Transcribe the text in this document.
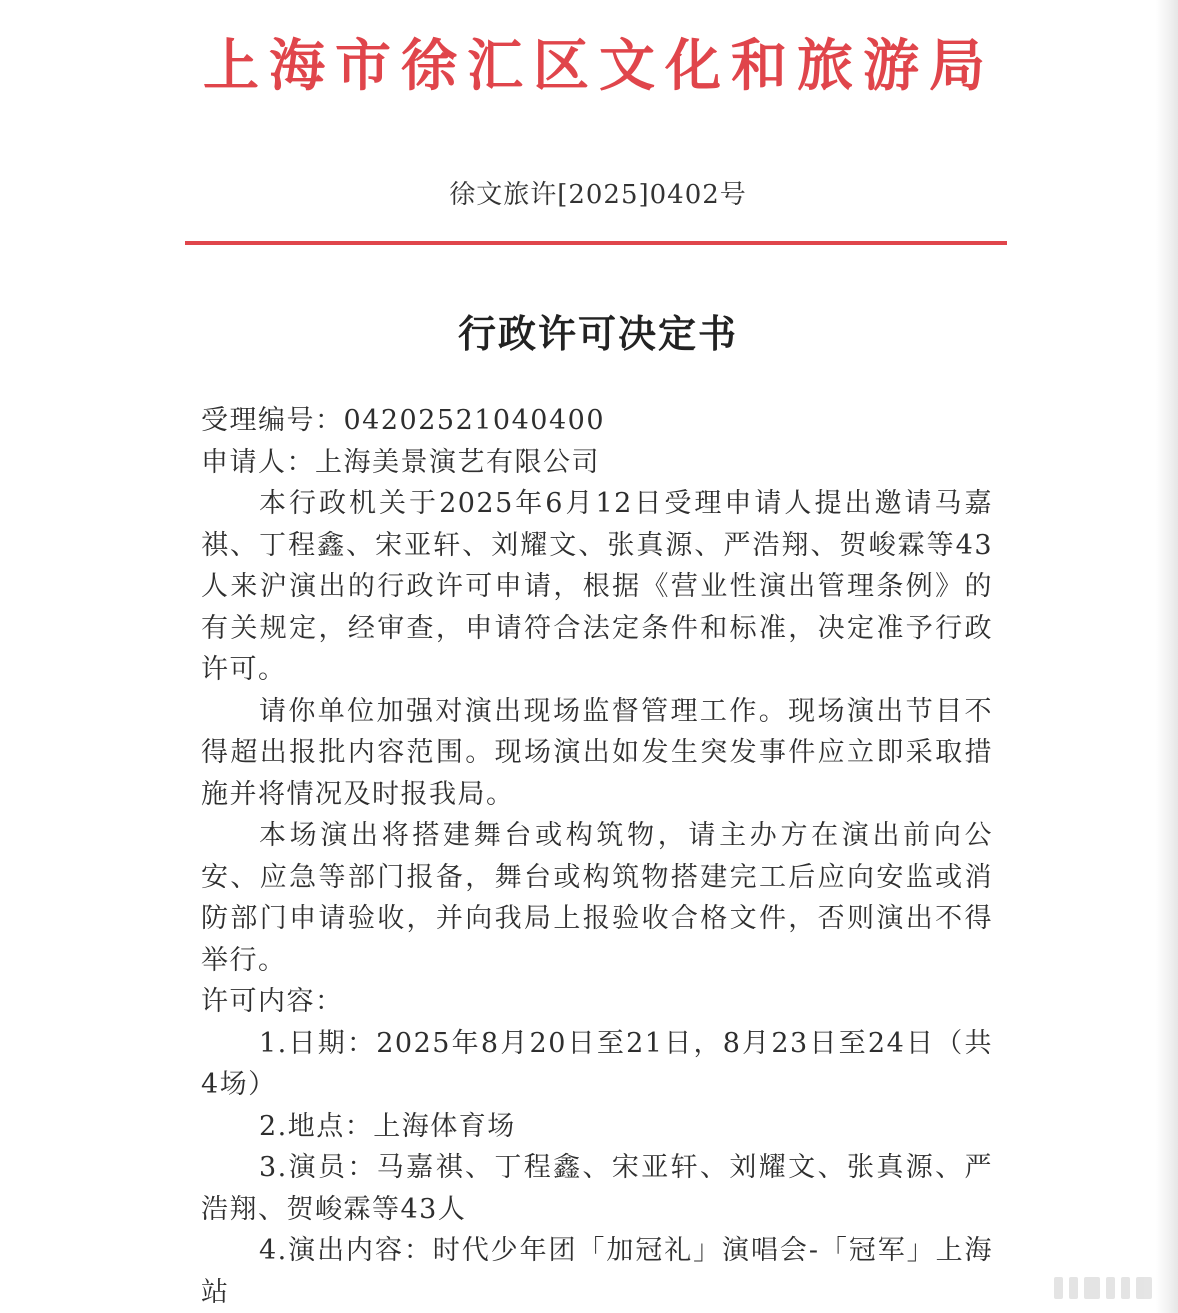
上海市徐汇区文化和旅游局
徐文旅许[2025]0402号
行政许可决定书

受理编号：04202521040400

申请人：上海美景演艺有限公司

本行政机关于2025年6月12日受理申请人提出邀请马嘉祺、丁程鑫、宋亚轩、刘耀文、张真源、严浩翔、贺峻霖等43人来沪演出的行政许可申请，根据《营业性演出管理条例》的有关规定，经审查，申请符合法定条件和标准，决定准予行政许可。

请你单位加强对演出现场监督管理工作。现场演出节目不得超出报批内容范围。现场演出如发生突发事件应立即采取措施并将情况及时报我局。

本场演出将搭建舞台或构筑物，请主办方在演出前向公安、应急等部门报备，舞台或构筑物搭建完工后应向安监或消防部门申请验收，并向我局上报验收合格文件，否则演出不得举行。

许可内容：

1.日期：2025年8月20日至21日，8月23日至24日（共4场）

2.地点：上海体育场

3.演员：马嘉祺、丁程鑫、宋亚轩、刘耀文、张真源、严浩翔、贺峻霖等43人

4.演出内容：时代少年团「加冠礼」演唱会-「冠军」上海站
